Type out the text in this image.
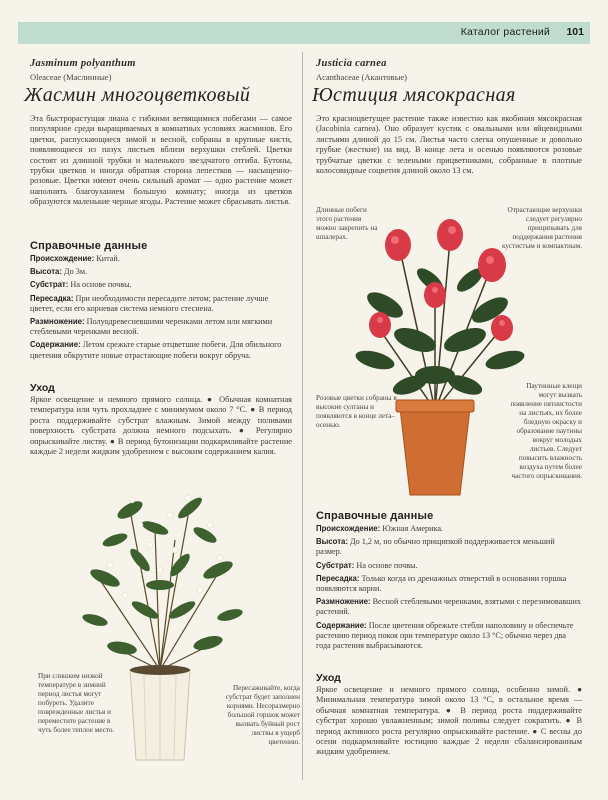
Каталог растений 101
Jasminum polyanthum
Oleaceae (Маслинные)
Жасмин многоцветковый
Эта быстрорастущая лиана с гибкими ветвящимися побегами — самое популярное среди выращиваемых в комнатных условиях жасминов. Его цветки, распускающиеся зимой и весной, собраны в крупные кисти, появляющиеся из пазух листьев вблизи верхушки стеблей. Цветки состоят из длинной трубки и маленького звездчатого отгиба. Бутоны, трубки цветков и иногда обратная сторона лепестков — насыщенно-розовые. Цветки имеют очень сильный аромат — одно растение может наполнить благоуханием большую комнату; иногда из цветков образуются маленькие черные ягоды. Растение может сбрасывать листья.
Справочные данные
Происхождение: Китай.
Высота: До 3м.
Субстрат: На основе почвы.
Пересадка: При необходимости пересадите летом; растение лучше цветет, если его корневая система немного стеснена.
Размножение: Полуодревесневшими черенками летом или мягкими стеблевыми черенками весной.
Содержание: Летом срежьте старые отцветшие побеги. Для обильного цветения обкрутите новые отрастающие побеги вокруг обруча.
Уход
Яркое освещение и немного прямого солнца. ● Обычная комнатная температура или чуть прохладнее с минимумом около 7 °С. ● В период роста поддерживайте субстрат влажным. Зимой между поливами поверхность субстрата должна немного подсыхать. ● Регулярно опрыскивайте листву. ● В период бутонизации подкармливайте растение каждые 2 недели жидким удобрением с высоким содержанием калия.
При слишком низкой температуре в зимний период листья могут побуреть. Удалите поврежденные листья и переместите растение в чуть более теплое место.
Пересаживайте, когда субстрат будет заполнен корнями. Несоразмерно большой горшок может вызвать буйный рост листвы в ущерб цветению.
Justicia carnea
Acanthaceae (Акантовые)
Юстиция мясокрасная
Это красноцветущее растение также известно как якобиния мясокрасная (Jacobinia carnea). Оно образует кустик с овальными или яйцевидными листьями длиной до 15 см. Листья часто слегка опушенные и довольно грубые (жесткие) на вид. В конце лета и осенью появляются розовые трубчатые цветки с зелеными прицветниками, собранные в плотные колосовидные соцветия длиной около 13 см.
Длинные побеги этого растения можно закрепить на шпалерах.
Отрастающие верхушки следует регулярно прищипывать для поддержания растения кустистым и компактным.
Розовые цветки собраны в высокие султаны и появляются в конце лета–осенью.
Паутинные клещи могут вызвать появление пятнистости на листьях, их более бледную окраску и образование паутины вокруг молодых листьев. Следует повысить влажность воздуха путем более частого опрыскивания.
Справочные данные
Происхождение: Южная Америка.
Высота: До 1,2 м, но обычно прищипкой поддерживается меньший размер.
Субстрат: На основе почвы.
Пересадка: Только когда из дренажных отверстий в основании горшка появляются корни.
Размножение: Весной стеблевыми черенками, взятыми с перезимовавших растений.
Содержание: После цветения обрежьте стебли наполовину и обеспечьте растению период покоя при температуре около 13 °С; обычно через два года растения выбрасываются.
Уход
Яркое освещение и немного прямого солнца, особенно зимой. ● Минимальная температура зимой около 13 °С, в остальное время — обычная комнатная температура. ● В период роста поддерживайте субстрат хорошо увлажненным; зимой поливы следует сократить. ● В период активного роста регулярно опрыскивайте растение. ● С весны до осени подкармливайте юстицию каждые 2 недели сбалансированным жидким удобрением.
